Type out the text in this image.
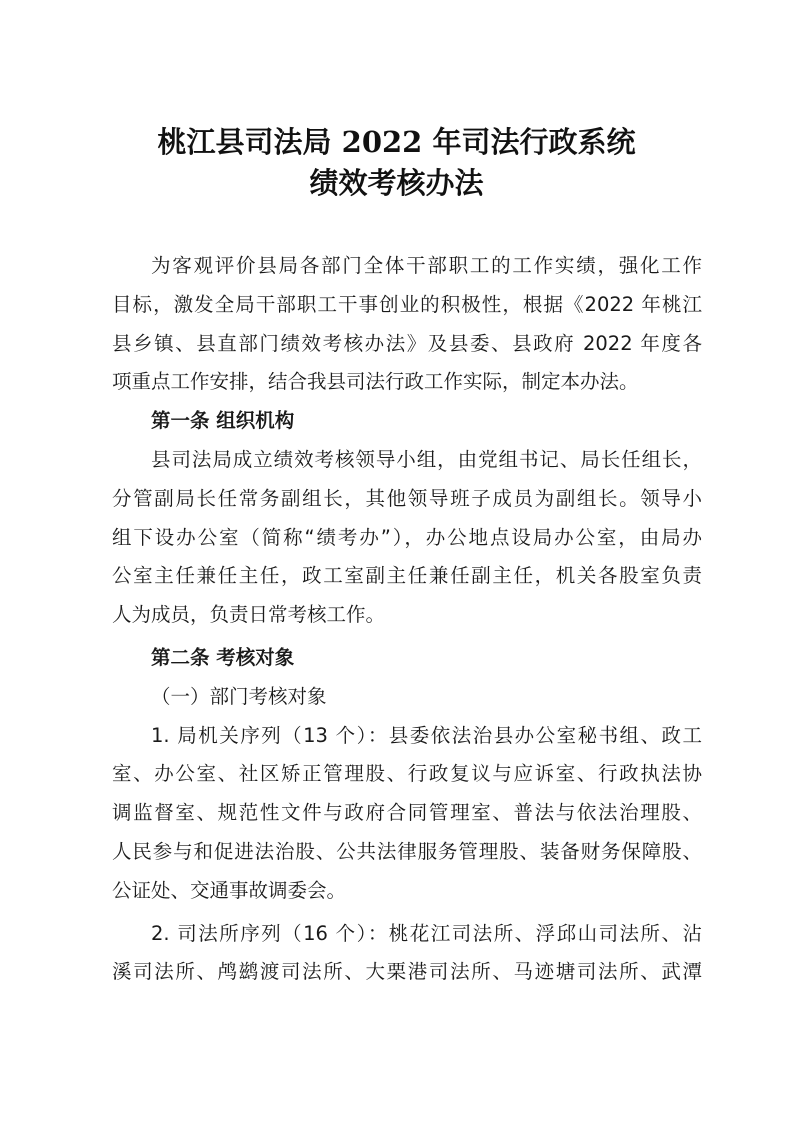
桃江县司法局 2022 年司法行政系统
绩效考核办法
为客观评价县局各部门全体干部职工的工作实绩，强化工作
目标，激发全局干部职工干事创业的积极性，根据《2022 年桃江
县乡镇、县直部门绩效考核办法》及县委、县政府 2022 年度各
项重点工作安排，结合我县司法行政工作实际，制定本办法。
第一条 组织机构
县司法局成立绩效考核领导小组，由党组书记、局长任组长，
分管副局长任常务副组长，其他领导班子成员为副组长。领导小
组下设办公室（简称“绩考办”），办公地点设局办公室，由局办
公室主任兼任主任，政工室副主任兼任副主任，机关各股室负责
人为成员，负责日常考核工作。
第二条 考核对象
（一）部门考核对象
1. 局机关序列（13 个）：县委依法治县办公室秘书组、政工
室、办公室、社区矫正管理股、行政复议与应诉室、行政执法协
调监督室、规范性文件与政府合同管理室、普法与依法治理股、
人民参与和促进法治股、公共法律服务管理股、装备财务保障股、
公证处、交通事故调委会。
2. 司法所序列（16 个）：桃花江司法所、浮邱山司法所、沾
溪司法所、鸬鹚渡司法所、大栗港司法所、马迹塘司法所、武潭
